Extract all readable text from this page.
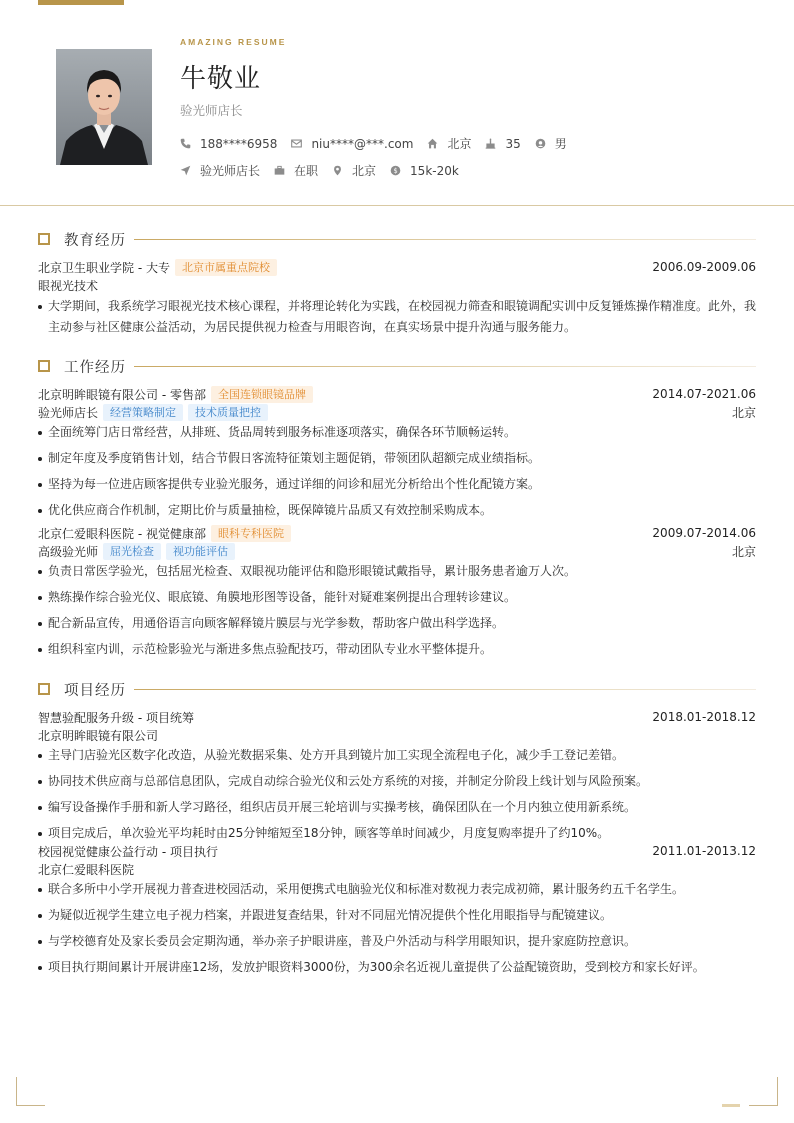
AMAZING RESUME
牛敬业
验光师店长
188****6958	niu****@***.com	北京	35	男
验光师店长	在职	北京 $ 15k-20k
教育经历
北京卫生职业学院 - 大专	北京市属重点院校	2006.09-2009.06
眼视光技术
大学期间，我系统学习眼视光技术核心课程，并将理论转化为实践，在校园视力筛查和眼镜调配实训中反复锤炼操作精准度。此外，我主动参与社区健康公益活动，为居民提供视力检查与用眼咨询，在真实场景中提升沟通与服务能力。
工作经历
北京明眸眼镜有限公司 - 零售部	全国连锁眼镜品牌	2014.07-2021.06
验光师店长	经营策略制定	技术质量把控	北京
全面统筹门店日常经营，从排班、货品周转到服务标准逐项落实，确保各环节顺畅运转。
制定年度及季度销售计划，结合节假日客流特征策划主题促销，带领团队超额完成业绩指标。
坚持为每一位进店顾客提供专业验光服务，通过详细的问诊和屈光分析给出个性化配镜方案。
优化供应商合作机制，定期比价与质量抽检，既保障镜片品质又有效控制采购成本。
北京仁爱眼科医院 - 视觉健康部	眼科专科医院	2009.07-2014.06
高级验光师	屈光检查	视功能评估	北京
负责日常医学验光，包括屈光检查、双眼视功能评估和隐形眼镜试戴指导，累计服务患者逾万人次。
熟练操作综合验光仪、眼底镜、角膜地形图等设备，能针对疑难案例提出合理转诊建议。
配合新品宣传，用通俗语言向顾客解释镜片膜层与光学参数，帮助客户做出科学选择。
组织科室内训，示范检影验光与渐进多焦点验配技巧，带动团队专业水平整体提升。
项目经历
智慧验配服务升级 - 项目统筹	2018.01-2018.12
北京明眸眼镜有限公司
主导门店验光区数字化改造，从验光数据采集、处方开具到镜片加工实现全流程电子化，减少手工登记差错。
协同技术供应商与总部信息团队，完成自动综合验光仪和云处方系统的对接，并制定分阶段上线计划与风险预案。
编写设备操作手册和新人学习路径，组织店员开展三轮培训与实操考核，确保团队在一个月内独立使用新系统。
项目完成后，单次验光平均耗时由25分钟缩短至18分钟，顾客等单时间减少，月度复购率提升了约10%。
校园视觉健康公益行动 - 项目执行	2011.01-2013.12
北京仁爱眼科医院
联合多所中小学开展视力普查进校园活动，采用便携式电脑验光仪和标准对数视力表完成初筛，累计服务约五千名学生。
为疑似近视学生建立电子视力档案，并跟进复查结果，针对不同屈光情况提供个性化用眼指导与配镜建议。
与学校德育处及家长委员会定期沟通，举办亲子护眼讲座，普及户外活动与科学用眼知识，提升家庭防控意识。
项目执行期间累计开展讲座12场，发放护眼资料3000份，为300余名近视儿童提供了公益配镜资助，受到校方和家长好评。
